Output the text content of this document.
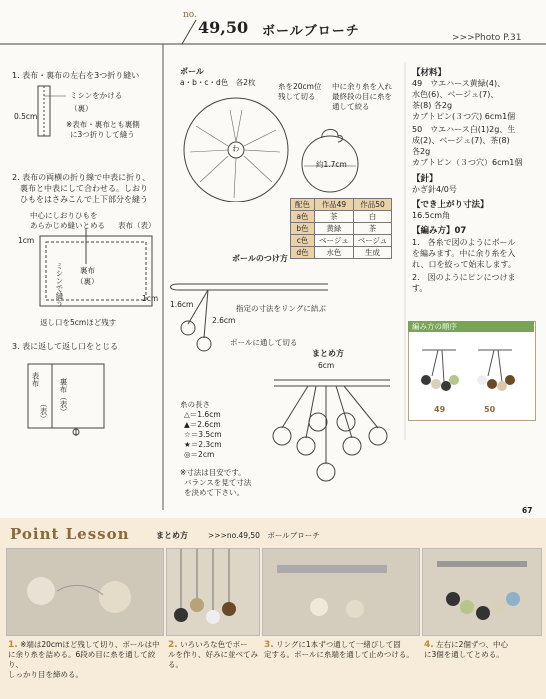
no.
49,50 ボールブローチ	>>>Photo P.31
1. 表布・裏布の左右を3つ折り縫い
ミシンをかける
（裏）
0.5cm
※表布・裏布とも裏側
に3つ折りして縫う
2. 表布の両横の折り線で中表に折り、
裏布と中表にして合わせる。しおり
ひもをはさみこんで上下部分を縫う
中心にしおりひもを
あらかじめ縫いとめる 表布（表）
1cm
1cm
ミシンで縫う 裏布
（裏）
返し口を5cmほど残す
3. 表に返して返し口をとじる
表布
（表） 裏布（表）
ボール
a・b・c・d色　各2枚
わ
糸を20cm位
残して切る
中に余り糸を入れ
最終段の目に糸を
通して絞る
約1.7cm
配色	作品49	作品50
a色	茶	白
b色	黄緑	茶
c色	ベージュ	ベージュ
d色	水色	生成
ボールのつけ方
1.6cm
2.6cm
指定の寸法をリングに結ぶ
ボールに通して切る
まとめ方
6cm
糸の長さ
△＝1.6cm
▲＝2.6cm
☆＝3.5cm
★＝2.3cm
◎＝2cm
※寸法は目安です。
バランスを見て寸法
を決めて下さい。
【材料】
49　ウエハース黄緑(4)、
水色(6)、ベージュ(7)、
茶(8) 各2g
カブトピン(３つ穴) 6cm1個
50　ウエハース白(1)2g、生
成(2)、ベージュ(7)、茶(8)
各2g
カブトピン（３つ穴）6cm1個
【針】
かぎ針4/0号
【でき上がり寸法】
16.5cm角
【編み方】07
1.　各糸で図のようにボール
を編みます。中に余り糸を入
れ、口を絞って始末します。
2.　図のようにピンにつけま
す。
編み方の順序
49	50
67
Point Lesson	まとめ方	>>>no.49,50　ボールブローチ
1. ※端は20cmほど残して切り、ボールは中
に余り糸を詰める。6段め目に糸を通して絞り、
しっかり目を締める。
2. いろいろな色でボー
ルを作り、好みに並べてみ
る。
3. リングに1本ずつ通して一緒びして固
定する。ボールに糸端を通して止めつける。
4. 左右に2個ずつ、中心
に3個を通してとめる。
